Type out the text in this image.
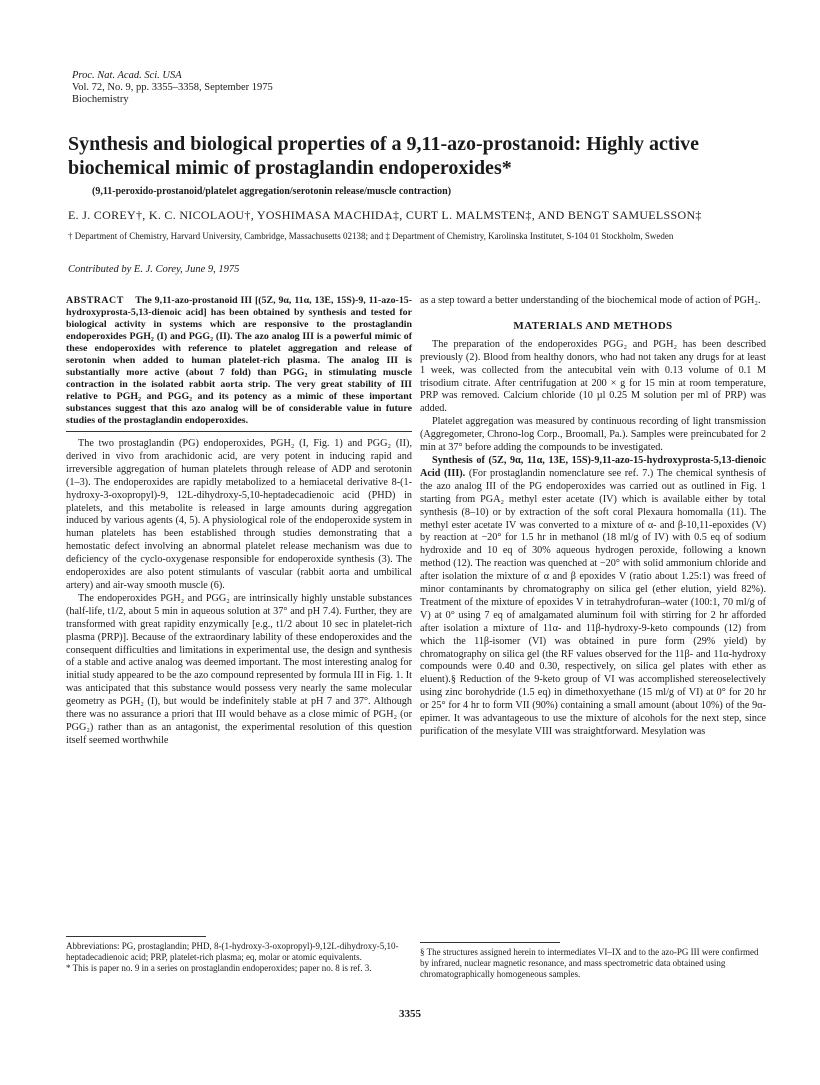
Proc. Nat. Acad. Sci. USA
Vol. 72, No. 9, pp. 3355–3358, September 1975
Biochemistry
Synthesis and biological properties of a 9,11-azo-prostanoid: Highly active biochemical mimic of prostaglandin endoperoxides*
(9,11-peroxido-prostanoid/platelet aggregation/serotonin release/muscle contraction)
E. J. COREY†, K. C. NICOLAOU†, YOSHIMASA MACHIDA‡, CURT L. MALMSTEN‡, AND BENGT SAMUELSSON‡
† Department of Chemistry, Harvard University, Cambridge, Massachusetts 02138; and ‡ Department of Chemistry, Karolinska Institutet, S-104 01 Stockholm, Sweden
Contributed by E. J. Corey, June 9, 1975
ABSTRACT The 9,11-azo-prostanoid III [(5Z, 9α, 11α, 13E, 15S)-9, 11-azo-15-hydroxyprosta-5,13-dienoic acid] has been obtained by synthesis and tested for biological activity in systems which are responsive to the prostaglandin endoperoxides PGH₂ (I) and PGG₂ (II). The azo analog III is a powerful mimic of these endoperoxides with reference to platelet aggregation and release of serotonin when added to human platelet-rich plasma. The analog III is substantially more active (about 7 fold) than PGG₂ in stimulating muscle contraction in the isolated rabbit aorta strip. The very great stability of III relative to PGH₂ and PGG₂ and its potency as a mimic of these important substances suggest that this azo analog will be of considerable value in future studies of the prostaglandin endoperoxides.

The two prostaglandin (PG) endoperoxides, PGH₂ (I, Fig. 1) and PGG₂ (II), derived in vivo from arachidonic acid, are very potent in inducing rapid and irreversible aggregation of human platelets through release of ADP and serotonin (1–3). The endoperoxides are rapidly metabolized to a hemiacetal derivative 8-(1-hydroxy-3-oxopropyl)-9, 12L-dihydroxy-5,10-heptadecadienoic acid (PHD) in platelets, and this metabolite is released in large amounts during aggregation induced by various agents (4, 5). A physiological role of the endoperoxide system in human platelets has been established through studies demonstrating that a hemostatic defect involving an abnormal platelet release mechanism was due to deficiency of the cyclo-oxygenase responsible for endoperoxide synthesis (3). The endoperoxides are also potent stimulants of vascular (rabbit aorta and umbilical artery) and air-way smooth muscle (6).

The endoperoxides PGH₂ and PGG₂ are intrinsically highly unstable substances (half-life, t1/2, about 5 min in aqueous solution at 37° and pH 7.4). Further, they are transformed with great rapidity enzymically [e.g., t1/2 about 10 sec in platelet-rich plasma (PRP)]. Because of the extraordinary lability of these endoperoxides and the consequent difficulties and limitations in experimental use, the design and synthesis of a stable and active analog was deemed important. The most interesting analog for initial study appeared to be the azo compound represented by formula III in Fig. 1. It was anticipated that this substance would possess very nearly the same molecular geometry as PGH₂ (I), but would be indefinitely stable at pH 7 and 37°. Although there was no assurance a priori that III would behave as a close mimic of PGH₂ (or PGG₂) rather than as an antagonist, the experimental resolution of this question itself seemed worthwhile

as a step toward a better understanding of the biochemical mode of action of PGH₂.

MATERIALS AND METHODS

The preparation of the endoperoxides PGG₂ and PGH₂ has been described previously (2). Blood from healthy donors, who had not taken any drugs for at least 1 week, was collected from the antecubital vein with 0.13 volume of 0.1 M trisodium citrate. After centrifugation at 200 × g for 15 min at room temperature, PRP was removed. Calcium chloride (10 µl 0.25 M solution per ml of PRP) was added.

Platelet aggregation was measured by continuous recording of light transmission (Aggregometer, Chrono-log Corp., Broomall, Pa.). Samples were preincubated for 2 min at 37° before adding the compounds to be investigated.

Synthesis of (5Z, 9α, 11α, 13E, 15S)-9,11-azo-15-hydroxyprosta-5,13-dienoic Acid (III). (For prostaglandin nomenclature see ref. 7.) The chemical synthesis of the azo analog III of the PG endoperoxides was carried out as outlined in Fig. 1 starting from PGA₂ methyl ester acetate (IV) which is available either by total synthesis (8–10) or by extraction of the soft coral Plexaura homomalla (11). The methyl ester acetate IV was converted to a mixture of α- and β-10,11-epoxides (V) by reaction at −20° for 1.5 hr in methanol (18 ml/g of IV) with 0.5 eq of sodium hydroxide and 10 eq of 30% aqueous hydrogen peroxide, following a known method (12). The reaction was quenched at −20° with solid ammonium chloride and after isolation the mixture of α and β epoxides V (ratio about 1.25:1) was freed of minor contaminants by chromatography on silica gel (ether elution, yield 82%). Treatment of the mixture of epoxides V in tetrahydrofuran–water (100:1, 70 ml/g of V) at 0° using 7 eq of amalgamated aluminum foil with stirring for 2 hr afforded after isolation a mixture of 11α- and 11β-hydroxy-9-keto compounds (12) from which the 11β-isomer (VI) was obtained in pure form (29% yield) by chromatography on silica gel (the RF values observed for the 11β- and 11α-hydroxy compounds were 0.40 and 0.30, respectively, on silica gel plates with ether as eluent).§ Reduction of the 9-keto group of VI was accomplished stereoselectively using zinc borohydride (1.5 eq) in dimethoxyethane (15 ml/g of VI) at 0° for 20 hr or 25° for 4 hr to form VII (90%) containing a small amount (about 10%) of the 9α-epimer. It was advantageous to use the mixture of alcohols for the next step, since purification of the mesylate VIII was straightforward. Mesylation was

Abbreviations: PG, prostaglandin; PHD, 8-(1-hydroxy-3-oxopropyl)-9,12L-dihydroxy-5,10-heptadecadienoic acid; PRP, platelet-rich plasma; eq, molar or atomic equivalents.
* This is paper no. 9 in a series on prostaglandin endoperoxides; paper no. 8 is ref. 3.
§ The structures assigned herein to intermediates VI–IX and to the azo-PG III were confirmed by infrared, nuclear magnetic resonance, and mass spectrometric data obtained using chromatographically homogeneous samples.
3355
